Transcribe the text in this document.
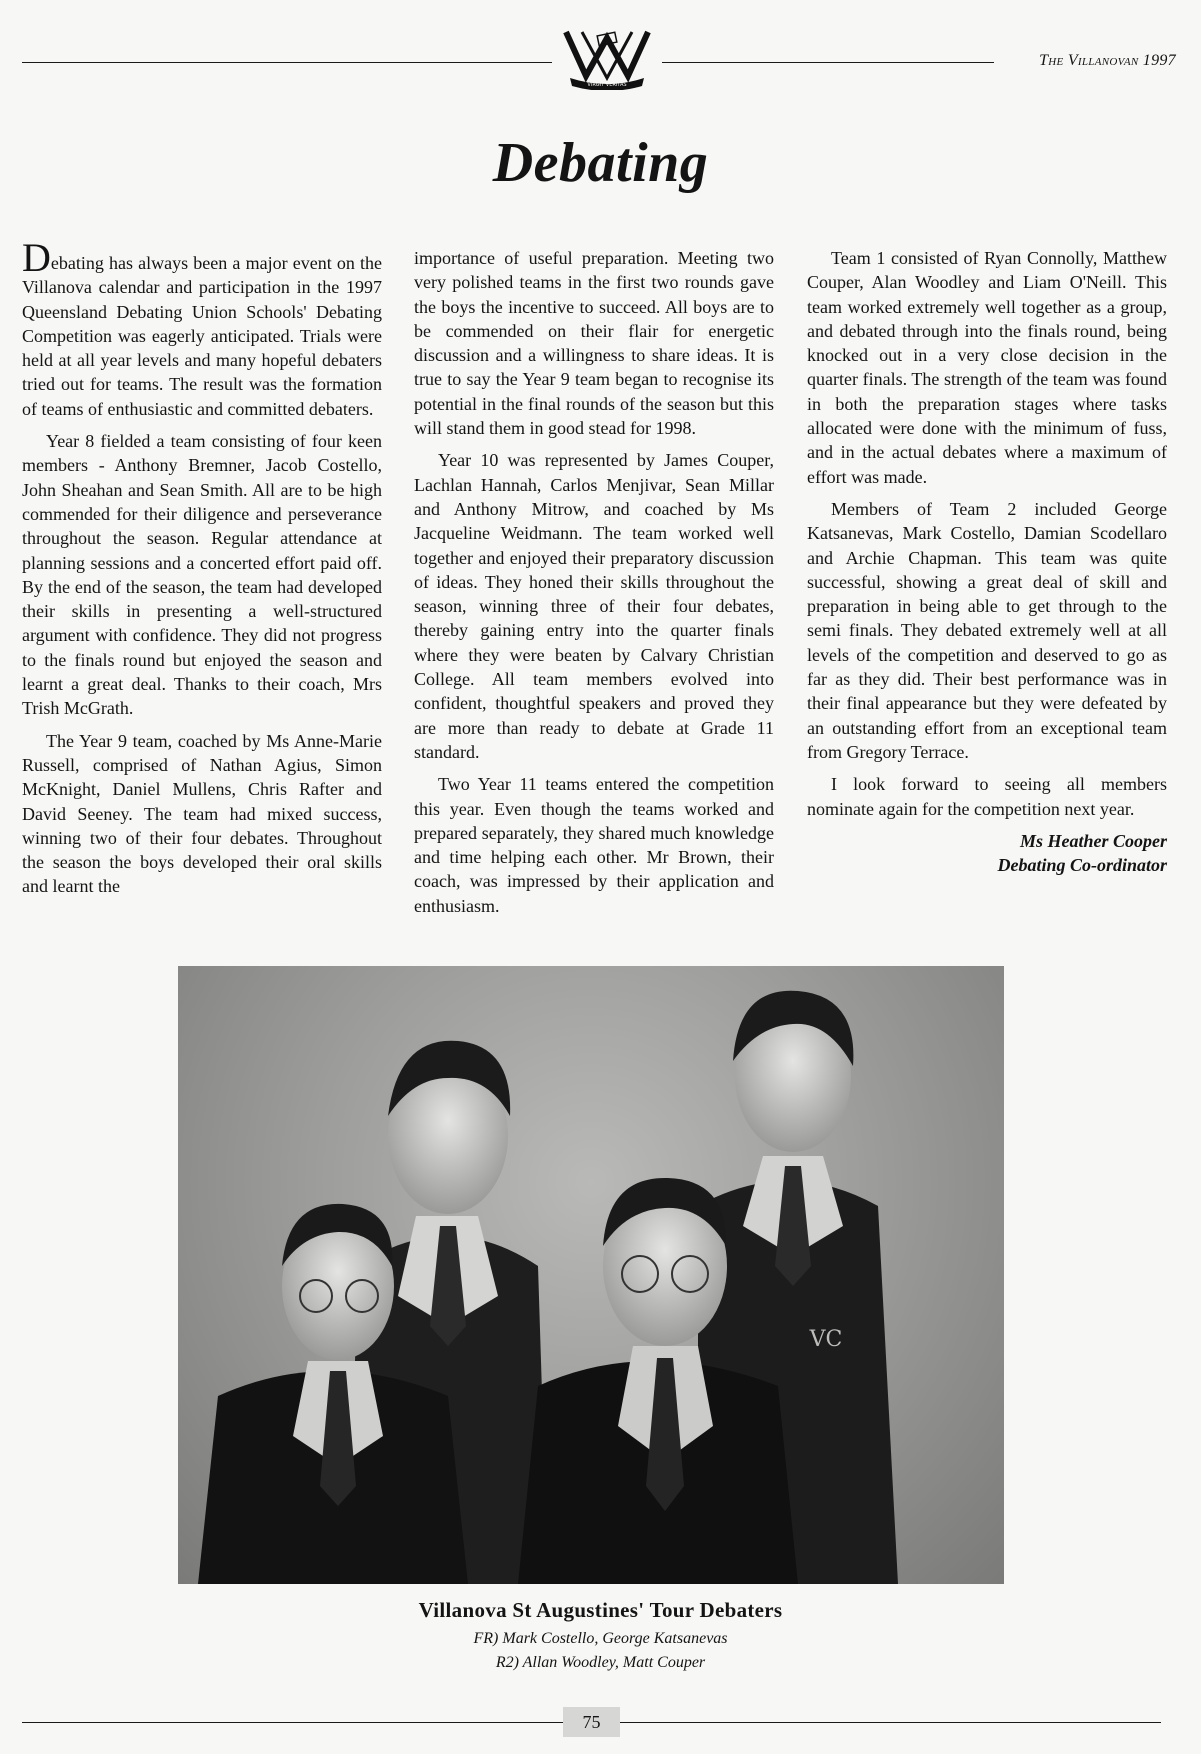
VIRGIT VERITAS
The Villanovan 1997
Debating

Debating has always been a major event on the Villanova calendar and participation in the 1997 Queensland Debating Union Schools' Debating Competition was eagerly anticipated. Trials were held at all year levels and many hopeful debaters tried out for teams. The result was the formation of teams of enthusiastic and committed debaters.

Year 8 fielded a team consisting of four keen members - Anthony Bremner, Jacob Costello, John Sheahan and Sean Smith. All are to be high commended for their diligence and perseverance throughout the season. Regular attendance at planning sessions and a concerted effort paid off. By the end of the season, the team had developed their skills in presenting a well-structured argument with confidence. They did not progress to the finals round but enjoyed the season and learnt a great deal. Thanks to their coach, Mrs Trish McGrath.

The Year 9 team, coached by Ms Anne-Marie Russell, comprised of Nathan Agius, Simon McKnight, Daniel Mullens, Chris Rafter and David Seeney. The team had mixed success, winning two of their four debates. Throughout the season the boys developed their oral skills and learnt the

importance of useful preparation. Meeting two very polished teams in the first two rounds gave the boys the incentive to succeed. All boys are to be commended on their flair for energetic discussion and a willingness to share ideas. It is true to say the Year 9 team began to recognise its potential in the final rounds of the season but this will stand them in good stead for 1998.

Year 10 was represented by James Couper, Lachlan Hannah, Carlos Menjivar, Sean Millar and Anthony Mitrow, and coached by Ms Jacqueline Weidmann. The team worked well together and enjoyed their preparatory discussion of ideas. They honed their skills throughout the season, winning three of their four debates, thereby gaining entry into the quarter finals where they were beaten by Calvary Christian College. All team members evolved into confident, thoughtful speakers and proved they are more than ready to debate at Grade 11 standard.

Two Year 11 teams entered the competition this year. Even though the teams worked and prepared separately, they shared much knowledge and time helping each other. Mr Brown, their coach, was impressed by their application and enthusiasm.

Team 1 consisted of Ryan Connolly, Matthew Couper, Alan Woodley and Liam O'Neill. This team worked extremely well together as a group, and debated through into the finals round, being knocked out in a very close decision in the quarter finals. The strength of the team was found in both the preparation stages where tasks allocated were done with the minimum of fuss, and in the actual debates where a maximum of effort was made.

Members of Team 2 included George Katsanevas, Mark Costello, Damian Scodellaro and Archie Chapman. This team was quite successful, showing a great deal of skill and preparation in being able to get through to the semi finals. They debated extremely well at all levels of the competition and deserved to go as far as they did. Their best performance was in their final appearance but they were defeated by an outstanding effort from an exceptional team from Gregory Terrace.

I look forward to seeing all members nominate again for the competition next year.

Ms Heather Cooper
Debating Co-ordinator
VC
Villanova St Augustines' Tour Debaters
FR) Mark Costello, George Katsanevas
R2) Allan Woodley, Matt Couper
75
